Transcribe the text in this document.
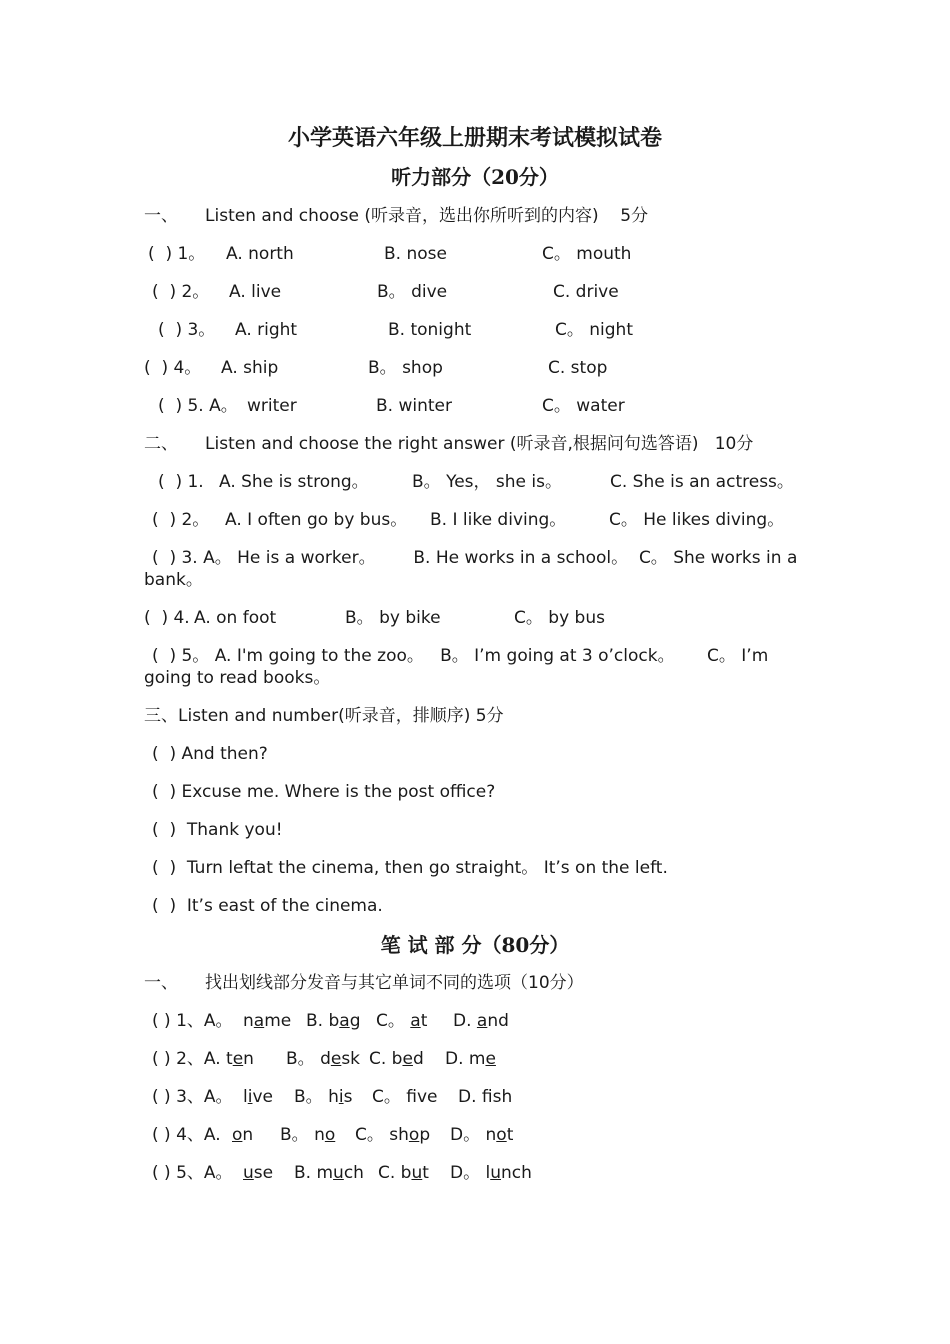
小学英语六年级上册期末考试模拟试卷
听力部分（20分）
一、     Listen and choose (听录音，选出你所听到的内容)    5分
(  ) 1。 A. north	B. nose	C。 mouth
(  ) 2。 A. live	B。 dive	C. drive
(  ) 3。 A. right	B. tonight	C。 night
(  ) 4。 A. ship	B。 shop	C. stop
(  ) 5. A。 writer	B. winter	C。 water
二、     Listen and choose the right answer (听录音,根据问句选答语)   10分
(  ) 1. A. She is strong。	B。 Yes， she is。	C. She is an actress。
(  ) 2。 A. I often go by bus。 B. I like diving。	C。 He likes diving。
(  ) 3. A。 He is a worker。       B. He works in a school。  C。 She works in a bank。
(  ) 4. A. on foot	B。 by bike	C。 by bus
(  ) 5。 A. I'm going to the zoo。   B。 I’m going at 3 o’clock。      C。 I’m going to read books。
三、Listen and number(听录音，排顺序) 5分
(  ) And then?
(  ) Excuse me. Where is the post office?
(  )  Thank you!
(  )  Turn leftat the cinema, then go straight。 It’s on the left.
(  )  It’s east of the cinema.
笔 试 部 分（80分）
一、     找出划线部分发音与其它单词不同的选项（10分）
( ) 1、A。 name B. bag C。 at D. and
( ) 2、A. ten B。 desk C. bed D. me
( ) 3、A。 live B。 his C。 fve D. fsh
( ) 4、A. on B。 no C。 shop D。 not
( ) 5、A。 use B. much C. but D。 lunch
